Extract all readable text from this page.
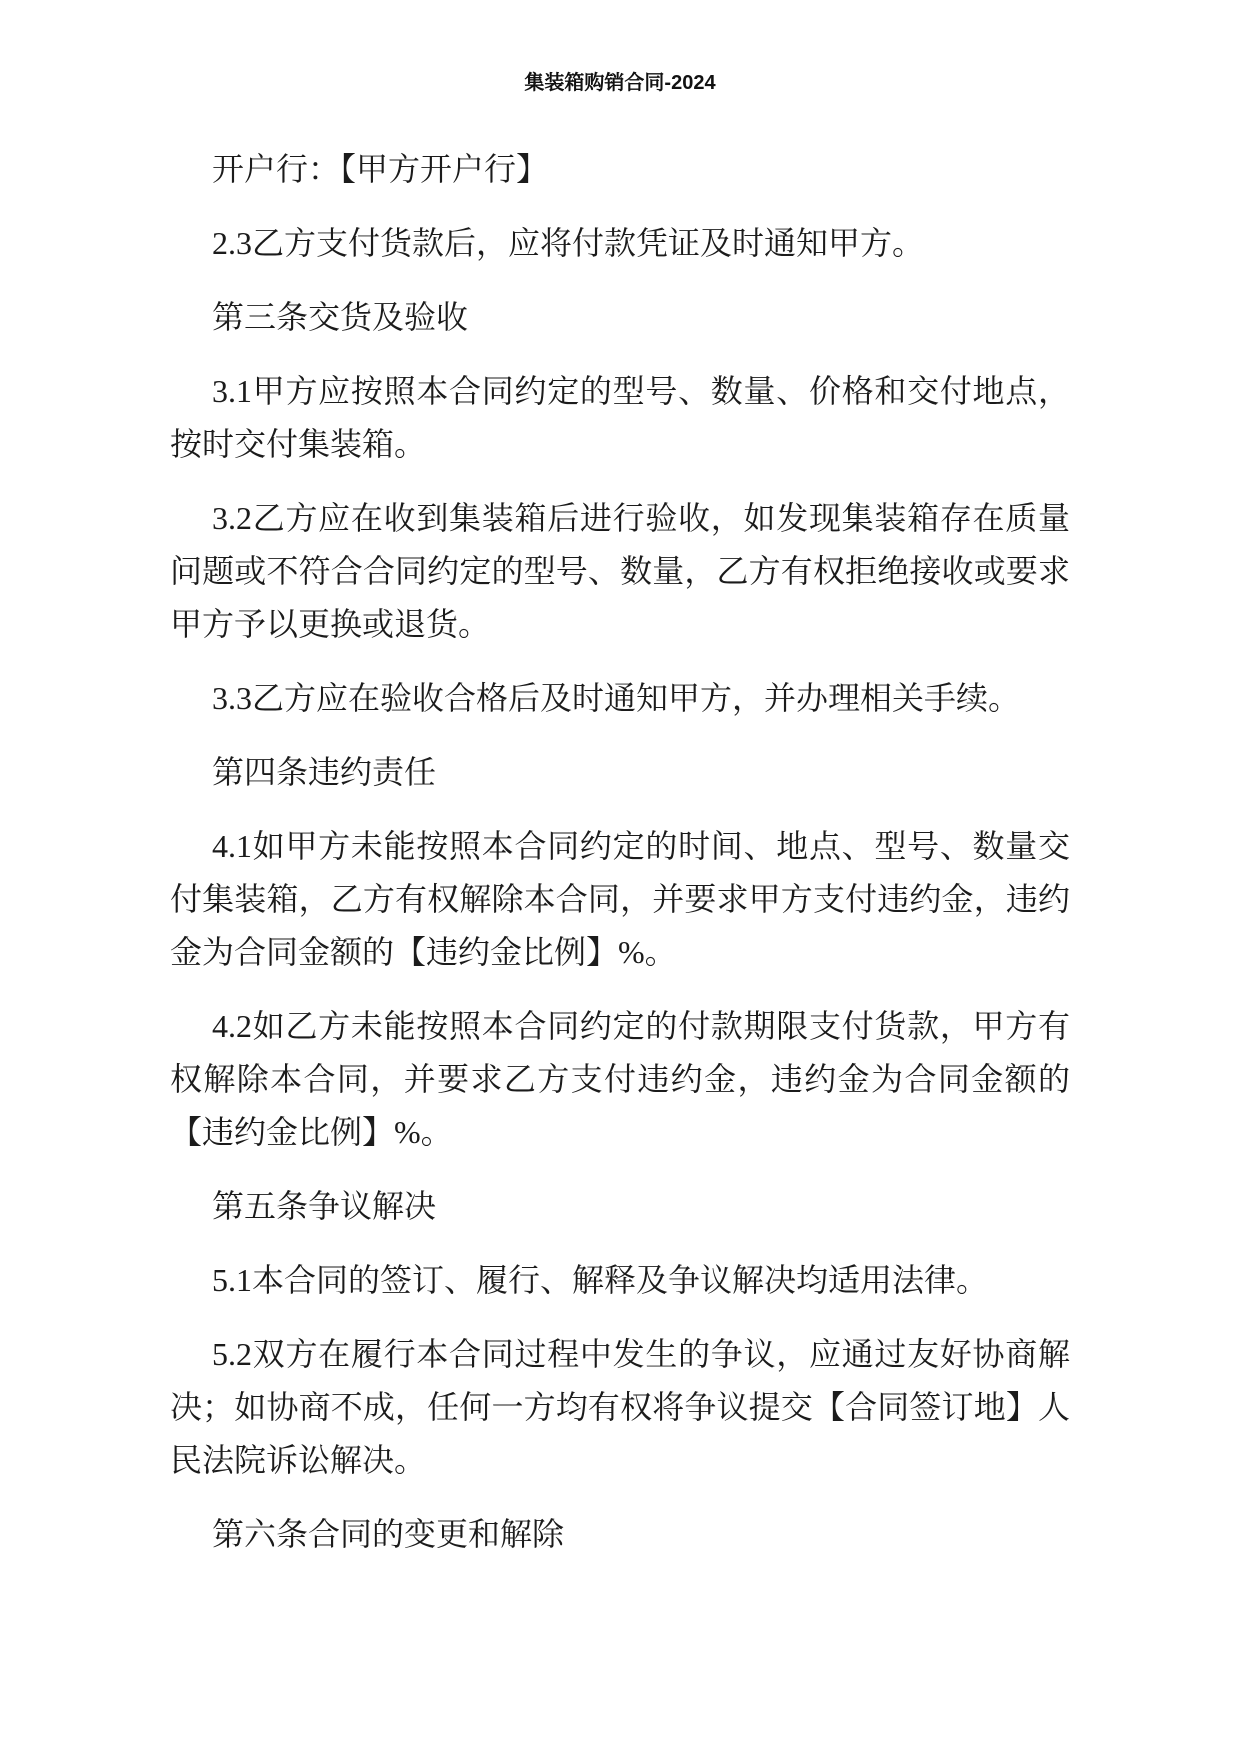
集装箱购销合同-2024

开户行：【甲方开户行】

2.3乙方支付货款后，应将付款凭证及时通知甲方。

第三条交货及验收

3.1甲方应按照本合同约定的型号、数量、价格和交付地点，按时交付集装箱。

3.2乙方应在收到集装箱后进行验收，如发现集装箱存在质量问题或不符合合同约定的型号、数量，乙方有权拒绝接收或要求甲方予以更换或退货。

3.3乙方应在验收合格后及时通知甲方，并办理相关手续。

第四条违约责任

4.1如甲方未能按照本合同约定的时间、地点、型号、数量交付集装箱，乙方有权解除本合同，并要求甲方支付违约金，违约金为合同金额的【违约金比例】%。

4.2如乙方未能按照本合同约定的付款期限支付货款，甲方有权解除本合同，并要求乙方支付违约金，违约金为合同金额的【违约金比例】%。

第五条争议解决

5.1本合同的签订、履行、解释及争议解决均适用法律。

5.2双方在履行本合同过程中发生的争议，应通过友好协商解决；如协商不成，任何一方均有权将争议提交【合同签订地】人民法院诉讼解决。

第六条合同的变更和解除
